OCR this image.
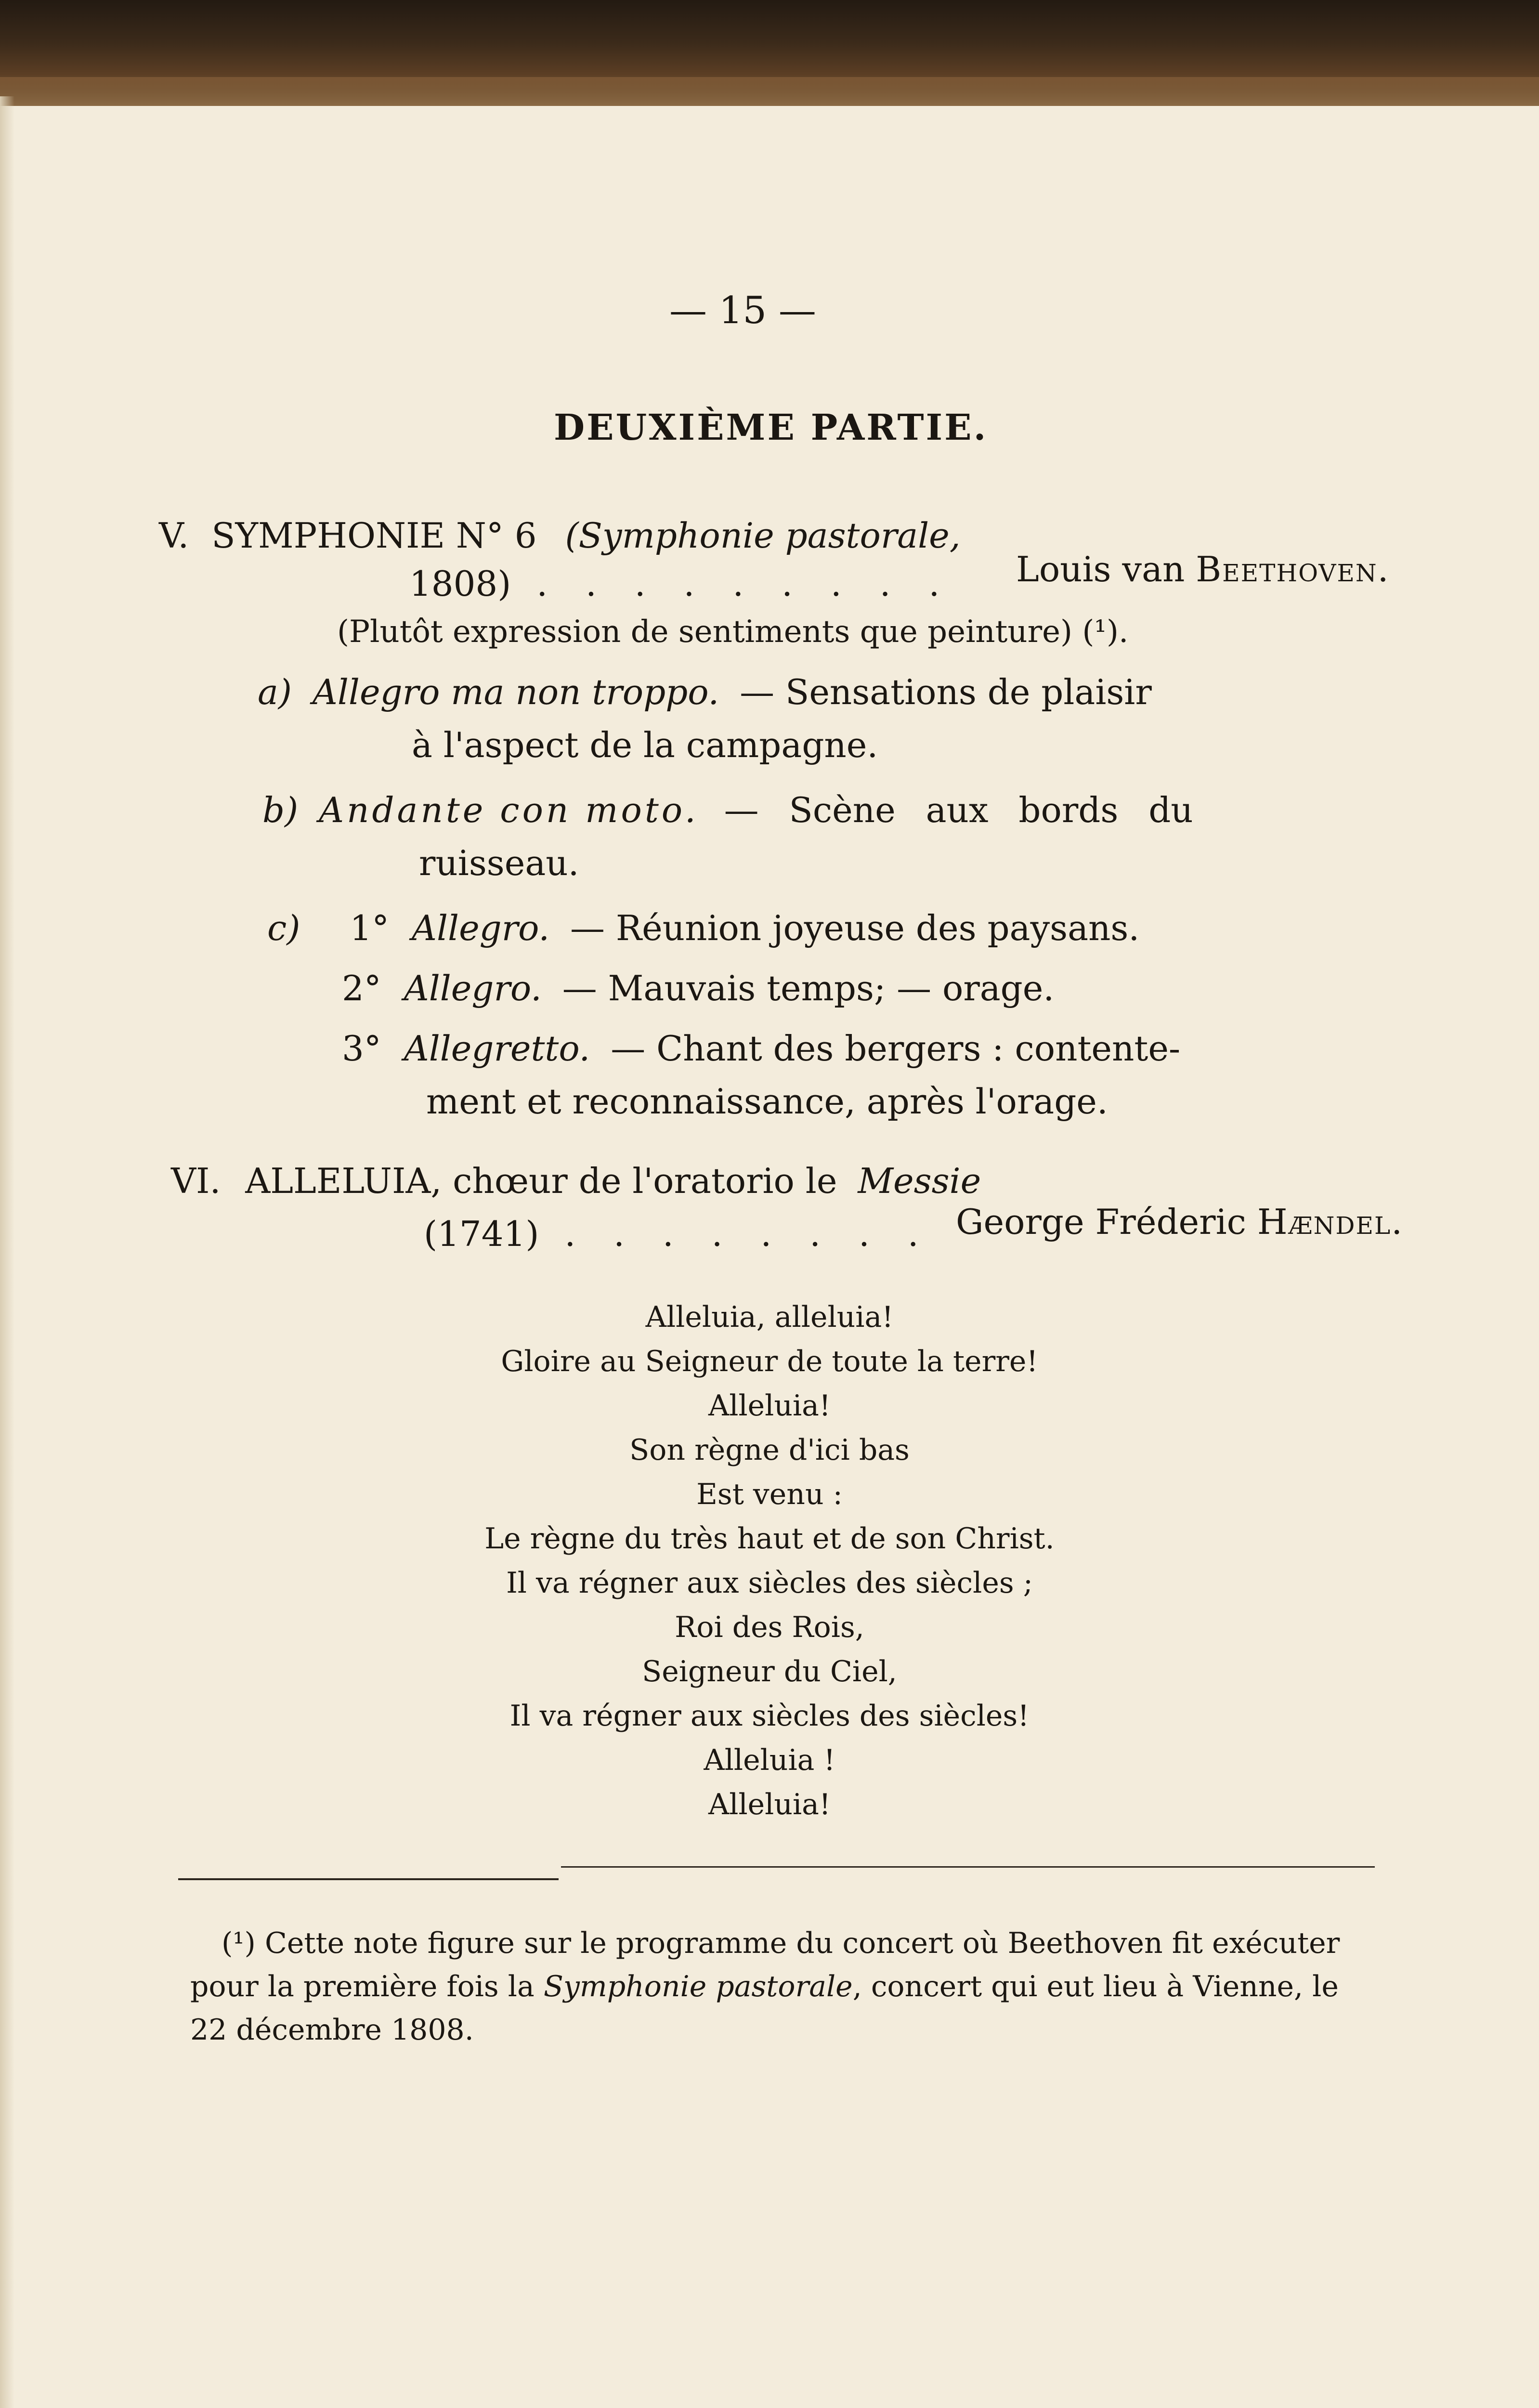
— 15 —
DEUXIÈME PARTIE.
V. SYMPHONIE N° 6 (Symphonie pastorale,
1808) . . . . . . . . . Louis van Beethoven.
(Plutôt expression de sentiments que peinture) (¹).
a) Allegro ma non troppo. — Sensations de plaisir
à l'aspect de la campagne.
b) Andante con moto. — Scène aux bords du
ruisseau.
c) 1° Allegro. — Réunion joyeuse des paysans.
2° Allegro. — Mauvais temps; — orage.
3° Allegretto. — Chant des bergers : contente-
ment et reconnaissance, après l'orage.
VI. ALLELUIA, chœur de l'oratorio le Messie
(1741) . . . . . . . . George Fréderic Hændel.
Alleluia, alleluia!
Gloire au Seigneur de toute la terre!
Alleluia!
Son règne d'ici bas
Est venu :
Le règne du très haut et de son Christ.
Il va régner aux siècles des siècles ;
Roi des Rois,
Seigneur du Ciel,
Il va régner aux siècles des siècles!
Alleluia !
Alleluia!
(¹) Cette note figure sur le programme du concert où Beethoven fit exécuter
pour la première fois la Symphonie pastorale, concert qui eut lieu à Vienne, le
22 décembre 1808.
